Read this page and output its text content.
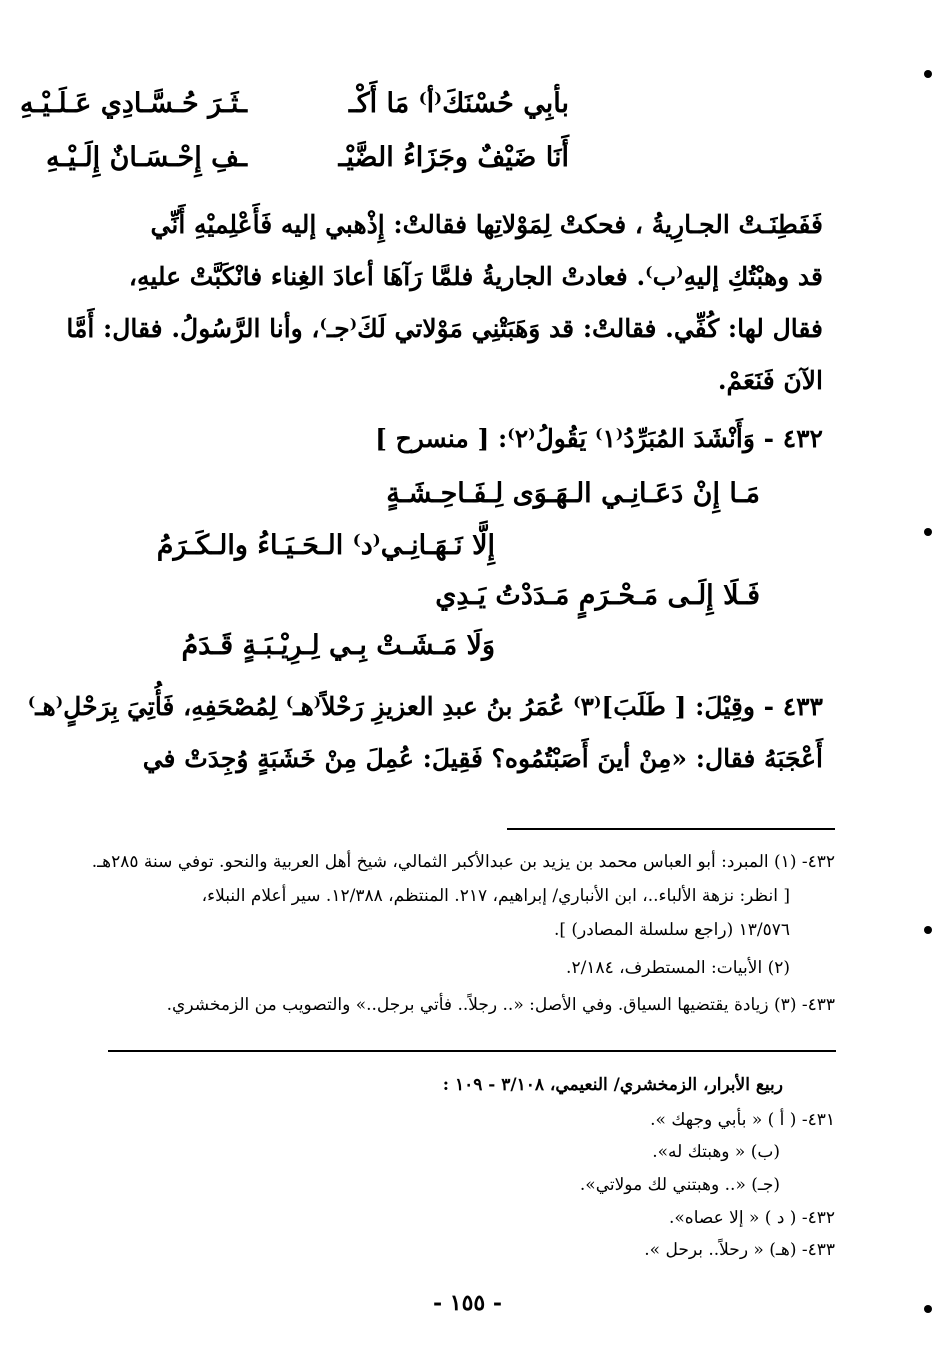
بأبِي حُسْنَكَ⁽أ⁾ مَا أَكْـ
ـثَـرَ حُـسَّـادِي عَـلَـيْـهِ
أَنَا ضَيْفٌ وجَزَاءُ الضَّيْـ
ـفِ إِحْـسَـانٌ إِلَـيْـهِ
فَفَطِنَـتْ الجـارِيةُ ، فحكتْ لِمَوْلاتِها فقالتْ: إِذْهبي إليه فَأَعْلِميْهِ أَنِّي
قد وهبْتُكِ إليهِ⁽ب⁾. فعادتْ الجاريةُ فلمَّا رَآهَا أعادَ الغِناء فانْكَبَّتْ عليهِ،
فقال لها: كُفِّي. فقالتْ: قد وَهَبَتْنِي مَوْلاتي لَكَ⁽جـ⁾، وأنا الرَّسُولُ. فقال: أَمَّا
الآنَ فَنَعَمْ.
٤٣٢ - وَأَنْشَدَ المُبَرِّدُ⁽١⁾ يَقُولُ⁽٢⁾: [ منسرح ]
مَـا إِنْ دَعَـانِـي الـهَـوَى لِـفَـاحِـشَـةٍ
إِلَّا نَـهَـانِـي⁽د⁾ الـحَـيَـاءُ والـكَـرَمُ
فَـلَا إِلَـى مَـحْـرَمٍ مَـدَدْتُ يَـدِي
وَلَا مَـشَـتْ بِـي لِـرِيْـبَـةٍ قَـدَمُ
٤٣٣ - وقِيْلَ: [ طَلَبَ]⁽٣⁾ عُمَرُ بنُ عبدِ العزيزِ رَحْلاً⁽هـ⁾ لِمُصْحَفِهِ، فَأُتِيَ بِرَحْلٍ⁽هـ⁾
أَعْجَبَهُ فقال: «مِنْ أينَ أَصَبْتُمُوه؟ فَقِيلَ: عُمِلَ مِنْ خَشَبَةٍ وُجِدَتْ في
٤٣٢- (١) المبرد: أبو العباس محمد بن يزيد بن عبدالأكبر الثمالي، شيخ أهل العربية والنحو. توفي سنة ٢٨٥هـ.
[ انظر: نزهة الألباء..، ابن الأنباري/ إبراهيم، ٢١٧. المنتظم، ١٢/٣٨٨. سير أعلام النبلاء،
١٣/٥٧٦ (راجع سلسلة المصادر) ].
(٢) الأبيات: المستطرف، ٢/١٨٤.
٤٣٣- (٣) زيادة يقتضيها السياق. وفي الأصل: «.. رجلاً.. فأتي برجل..» والتصويب من الزمخشري.
ربيع الأبرار، الزمخشري/ النعيمي، ٣/١٠٨ - ١٠٩ :
٤٣١- ( أ ) « بأبي وجهك ».
(ب) « وهبتك له».
(جـ) «.. وهبتني لك مولاتي».
٤٣٢- ( د ) « إلا عصاه».
٤٣٣- (هـ) « رحلاً.. برحل ».
- ١٥٥ -
